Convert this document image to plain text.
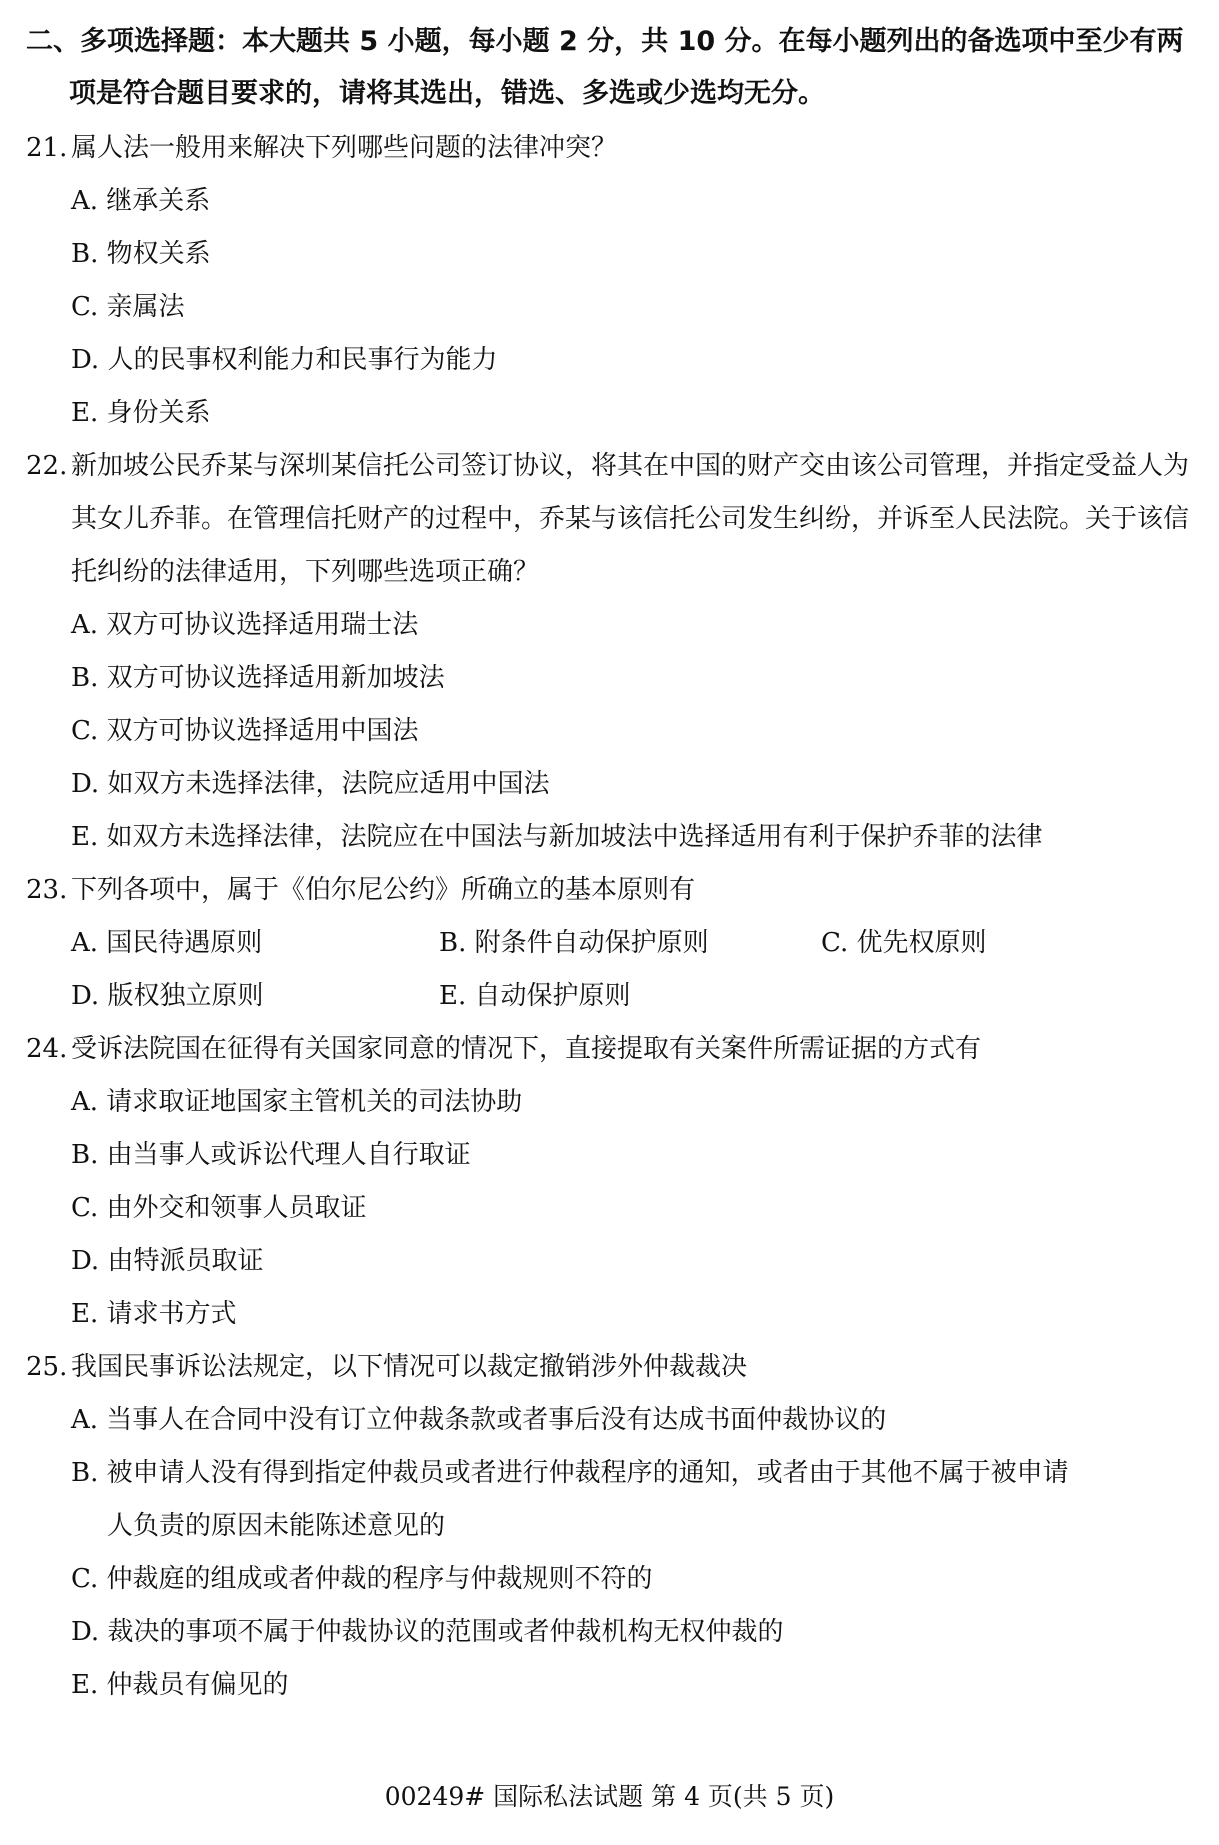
二、多项选择题：本大题共 5 小题，每小题 2 分，共 10 分。在每小题列出的备选项中至少有两
项是符合题目要求的，请将其选出，错选、多选或少选均无分。
21. 属人法一般用来解决下列哪些问题的法律冲突？
A. 继承关系
B. 物权关系
C. 亲属法
D. 人的民事权利能力和民事行为能力
E. 身份关系
22. 新加坡公民乔某与深圳某信托公司签订协议，将其在中国的财产交由该公司管理，并指定受益人为其女儿乔菲。在管理信托财产的过程中，乔某与该信托公司发生纠纷，并诉至人民法院。关于该信托纠纷的法律适用，下列哪些选项正确？
A. 双方可协议选择适用瑞士法
B. 双方可协议选择适用新加坡法
C. 双方可协议选择适用中国法
D. 如双方未选择法律，法院应适用中国法
E. 如双方未选择法律，法院应在中国法与新加坡法中选择适用有利于保护乔菲的法律
23. 下列各项中，属于《伯尔尼公约》所确立的基本原则有
A. 国民待遇原则	B. 附条件自动保护原则	C. 优先权原则
D. 版权独立原则	E. 自动保护原则
24. 受诉法院国在征得有关国家同意的情况下，直接提取有关案件所需证据的方式有
A. 请求取证地国家主管机关的司法协助
B. 由当事人或诉讼代理人自行取证
C. 由外交和领事人员取证
D. 由特派员取证
E. 请求书方式
25. 我国民事诉讼法规定，以下情况可以裁定撤销涉外仲裁裁决
A. 当事人在合同中没有订立仲裁条款或者事后没有达成书面仲裁协议的
B. 被申请人没有得到指定仲裁员或者进行仲裁程序的通知，或者由于其他不属于被申请
人负责的原因未能陈述意见的
C. 仲裁庭的组成或者仲裁的程序与仲裁规则不符的
D. 裁决的事项不属于仲裁协议的范围或者仲裁机构无权仲裁的
E. 仲裁员有偏见的
00249# 国际私法试题 第 4 页(共 5 页)
